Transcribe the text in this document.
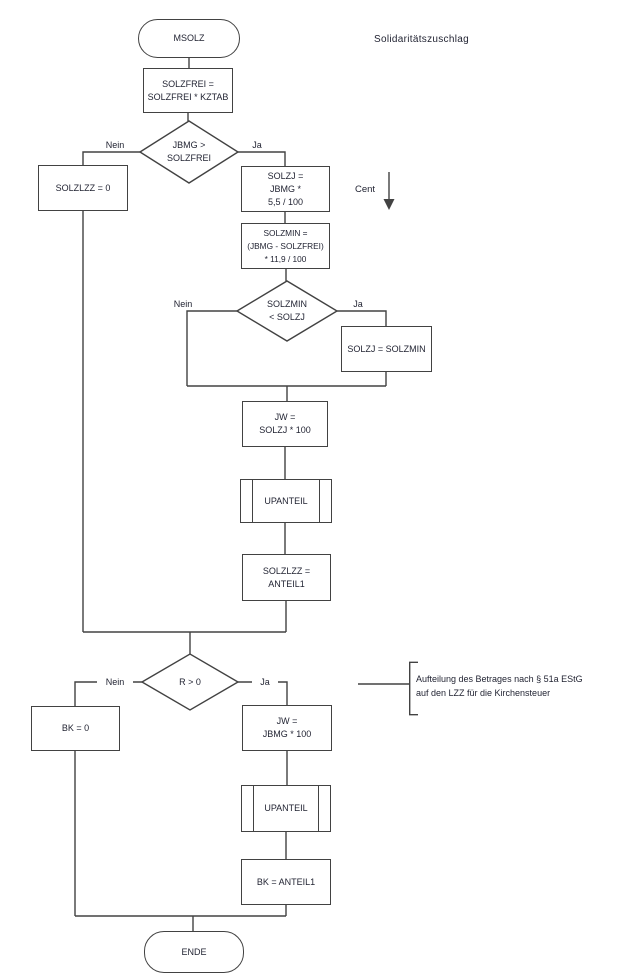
Solidaritätszuschlag
MSOLZ
SOLZFREI =
SOLZFREI * KZTAB
JBMG >
SOLZFREI
Nein	Ja
SOLZLZZ = 0
SOLZJ =
JBMG *
5,5 / 100
Cent
SOLZMIN =
(JBMG - SOLZFREI)
* 11,9 / 100
SOLZMIN
< SOLZJ
Nein	Ja
SOLZJ = SOLZMIN
JW =
SOLZJ * 100
UPANTEIL
SOLZLZZ =
ANTEIL1
R > 0
Nein	Ja	Aufteilung des Betrages nach § 51a EStG
auf den LZZ für die Kirchensteuer
BK = 0
JW =
JBMG * 100
UPANTEIL
BK = ANTEIL1
ENDE
